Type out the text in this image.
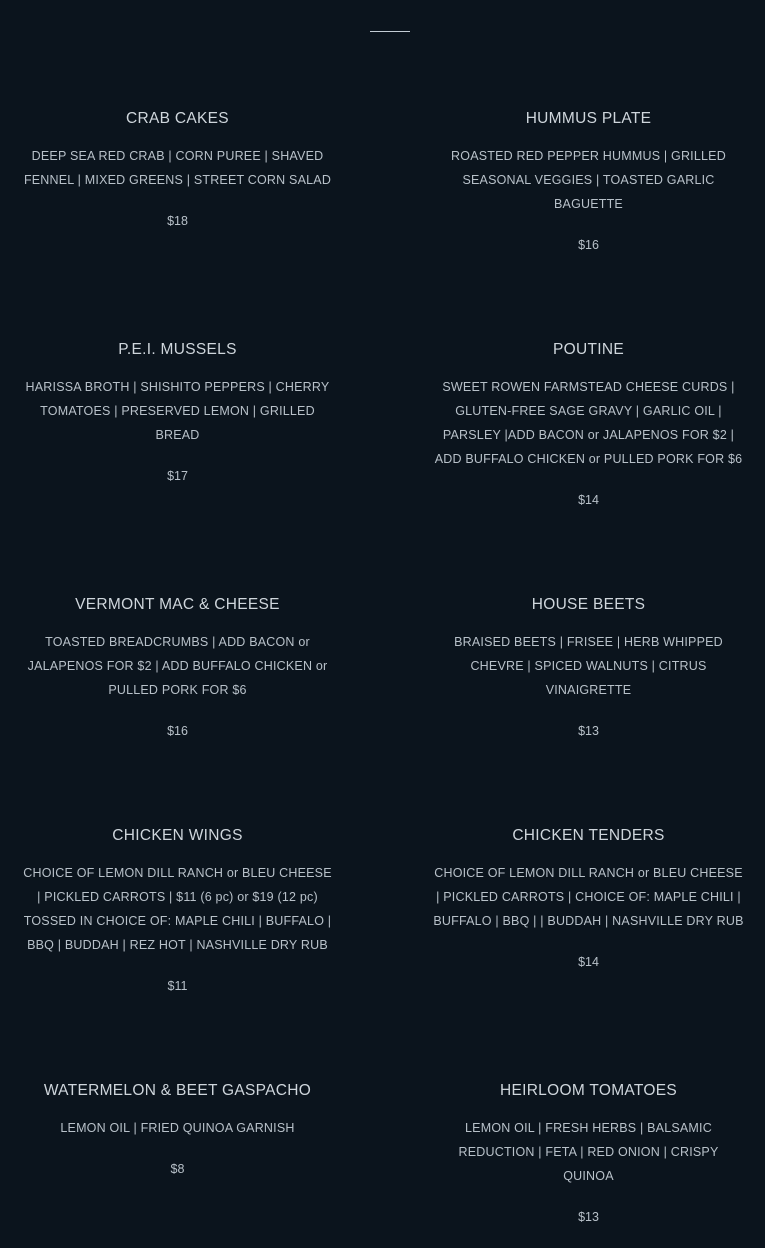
CRAB CAKES
DEEP SEA RED CRAB | CORN PUREE | SHAVED FENNEL | MIXED GREENS | STREET CORN SALAD
$18
HUMMUS PLATE
ROASTED RED PEPPER HUMMUS | GRILLED SEASONAL VEGGIES | TOASTED GARLIC BAGUETTE
$16
P.E.I. MUSSELS
HARISSA BROTH | SHISHITO PEPPERS | CHERRY TOMATOES | PRESERVED LEMON | GRILLED BREAD
$17
POUTINE
SWEET ROWEN FARMSTEAD CHEESE CURDS | GLUTEN-FREE SAGE GRAVY | GARLIC OIL | PARSLEY |ADD BACON or JALAPENOS FOR $2 | ADD BUFFALO CHICKEN or PULLED PORK FOR $6
$14
VERMONT MAC & CHEESE
TOASTED BREADCRUMBS | ADD BACON or JALAPENOS FOR $2 | ADD BUFFALO CHICKEN or PULLED PORK FOR $6
$16
HOUSE BEETS
BRAISED BEETS | FRISEE | HERB WHIPPED CHEVRE | SPICED WALNUTS | CITRUS VINAIGRETTE
$13
CHICKEN WINGS
CHOICE OF LEMON DILL RANCH or BLEU CHEESE | PICKLED CARROTS | $11 (6 pc) or $19 (12 pc) TOSSED IN CHOICE OF: MAPLE CHILI | BUFFALO | BBQ | BUDDAH | REZ HOT | NASHVILLE DRY RUB
$11
CHICKEN TENDERS
CHOICE OF LEMON DILL RANCH or BLEU CHEESE | PICKLED CARROTS | CHOICE OF: MAPLE CHILI | BUFFALO | BBQ | | BUDDAH | NASHVILLE DRY RUB
$14
WATERMELON & BEET GASPACHO
LEMON OIL | FRIED QUINOA GARNISH
$8
HEIRLOOM TOMATOES
LEMON OIL | FRESH HERBS | BALSAMIC REDUCTION | FETA | RED ONION | CRISPY QUINOA
$13
